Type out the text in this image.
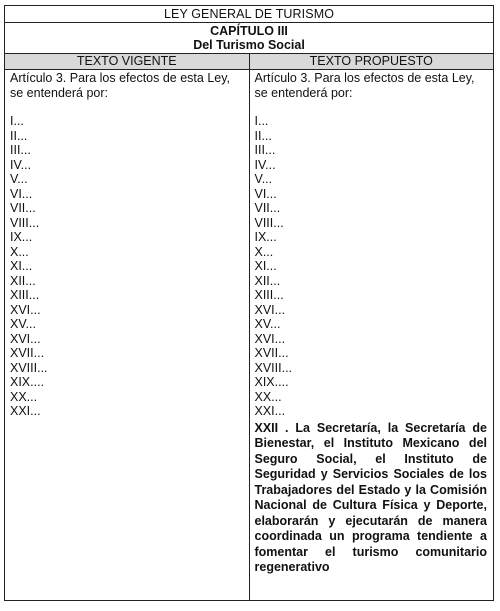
LEY GENERAL DE TURISMO
CAPÍTULO III
Del Turismo Social
TEXTO VIGENTE	TEXTO PROPUESTO

Artículo 3. Para los efectos de esta Ley, se entenderá por:

I...
II...
III...
IV...
V...
VI...
VII...
VIII...
IX...
X...
XI...
XII...
XIII...
XVI...
XV...
XVI...
XVII...
XVIII...
XIX....
XX...
XXI...

Artículo 3. Para los efectos de esta Ley, se entenderá por:

I...
II...
III...
IV...
V...
VI...
VII...
VIII...
IX...
X...
XI...
XII...
XIII...
XVI...
XV...
XVI...
XVII...
XVIII...
XIX....
XX...
XXI...
XXII . La Secretaría, la Secretaría de Bienestar, el Instituto Mexicano del Seguro Social, el Instituto de Seguridad y Servicios Sociales de los Trabajadores del Estado y la Comisión Nacional de Cultura Física y Deporte, elaborarán y ejecutarán de manera coordinada un programa tendiente a fomentar el turismo comunitario regenerativo
